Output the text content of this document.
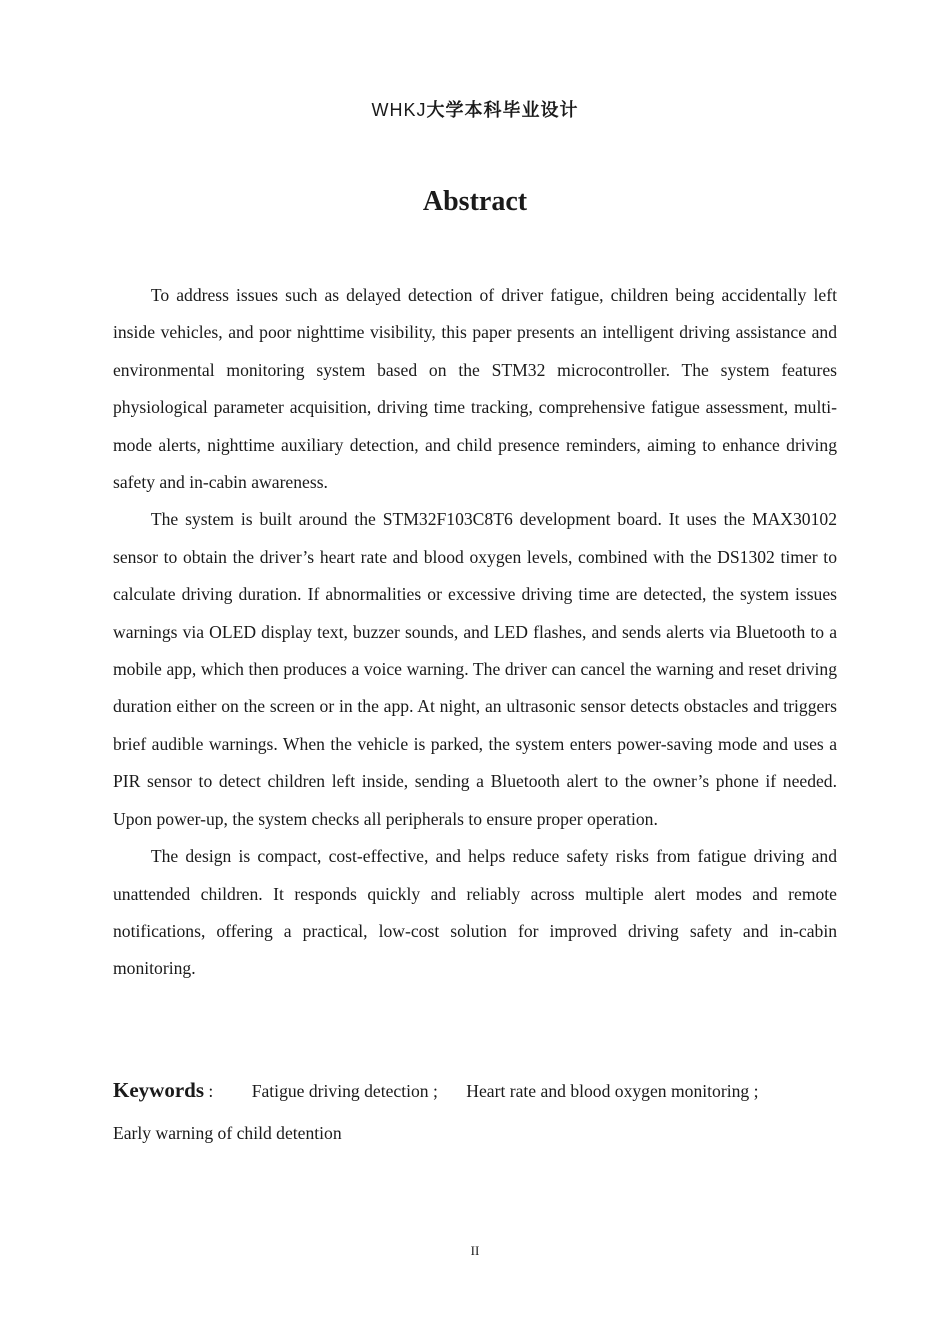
WHKJ大学本科毕业设计
Abstract

To address issues such as delayed detection of driver fatigue, children being accidentally left inside vehicles, and poor nighttime visibility, this paper presents an intelligent driving assistance and environmental monitoring system based on the STM32 microcontroller. The system features physiological parameter acquisition, driving time tracking, comprehensive fatigue assessment, multi-mode alerts, nighttime auxiliary detection, and child presence reminders, aiming to enhance driving safety and in-cabin awareness.

The system is built around the STM32F103C8T6 development board. It uses the MAX30102 sensor to obtain the driver’s heart rate and blood oxygen levels, combined with the DS1302 timer to calculate driving duration. If abnormalities or excessive driving time are detected, the system issues warnings via OLED display text, buzzer sounds, and LED flashes, and sends alerts via Bluetooth to a mobile app, which then produces a voice warning. The driver can cancel the warning and reset driving duration either on the screen or in the app. At night, an ultrasonic sensor detects obstacles and triggers brief audible warnings. When the vehicle is parked, the system enters power-saving mode and uses a PIR sensor to detect children left inside, sending a Bluetooth alert to the owner’s phone if needed. Upon power-up, the system checks all peripherals to ensure proper operation.

The design is compact, cost-effective, and helps reduce safety risks from fatigue driving and unattended children. It responds quickly and reliably across multiple alert modes and remote notifications, offering a practical, low-cost solution for improved driving safety and in-cabin monitoring.

Keywords : Fatigue driving detection ; Heart rate and blood oxygen monitoring ;
Early warning of child detention
II
